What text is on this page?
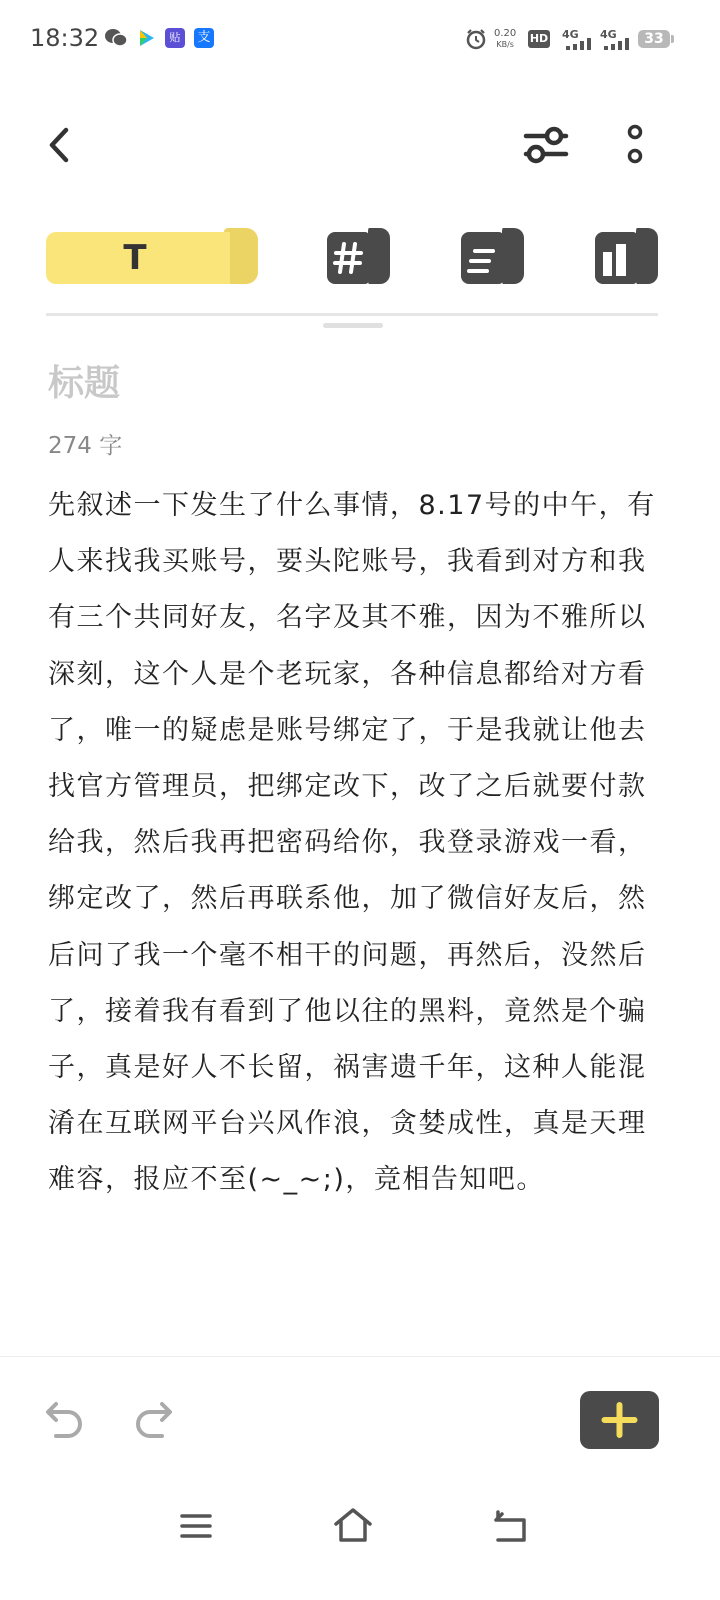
18:32	贴	支	0.20
KB/s HD 4G 4G	33
T
标题
274 字
先叙述一下发生了什么事情，8.17号的中午，有人来找我买账号，要头陀账号，我看到对方和我有三个共同好友，名字及其不雅，因为不雅所以深刻，这个人是个老玩家，各种信息都给对方看了，唯一的疑虑是账号绑定了，于是我就让他去找官方管理员，把绑定改下，改了之后就要付款给我，然后我再把密码给你，我登录游戏一看，绑定改了，然后再联系他，加了微信好友后，然后问了我一个毫不相干的问题，再然后，没然后了，接着我有看到了他以往的黑料，竟然是个骗子，真是好人不长留，祸害遗千年，这种人能混淆在互联网平台兴风作浪，贪婪成性，真是天理难容，报应不至(~_~;)，竞相告知吧。
